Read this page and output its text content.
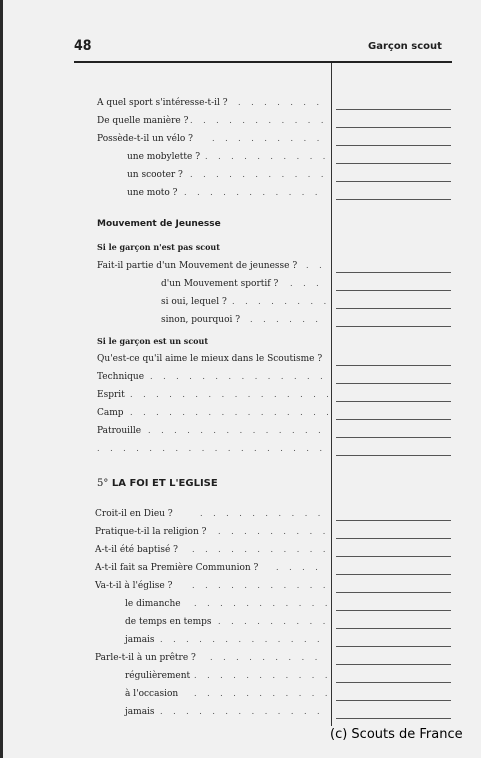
48	Garçon scout
A quel sport s'intéresse-t-il ?
De quelle manière ?
Possède-t-il un vélo ?
une mobylette ?
un scooter ?
une moto ?
. . .
. . .
. . .
. . .
. . .
. . .
Mouvement de Jeunesse
Si le garçon n'est pas scout
Fait-il partie d'un Mouvement de jeunesse ?
d'un Mouvement sportif ?
si oui, lequel ?
sinon, pourquoi ?
. . .
. . .
. . .
. . .
Si le garçon est un scout
Qu'est-ce qu'il aime le mieux dans le Scoutisme ?
Technique
Esprit
Camp
Patrouille
. . .
. . .
. . .
. . .
. . .
5° LA FOI ET L'EGLISE
Croit-il en Dieu ?
Pratique-t-il la religion ?
A-t-il été baptisé ?
A-t-il fait sa Première Communion ?
Va-t-il à l'église ?
le dimanche
de temps en temps
jamais
Parle-t-il à un prêtre ?
régulièrement
à l'occasion
jamais
. . .
. . .
. . .
. . .
. . .
. . .
. . .
. . .
. . .
. . .
. . .
. . .
(c) Scouts de France
